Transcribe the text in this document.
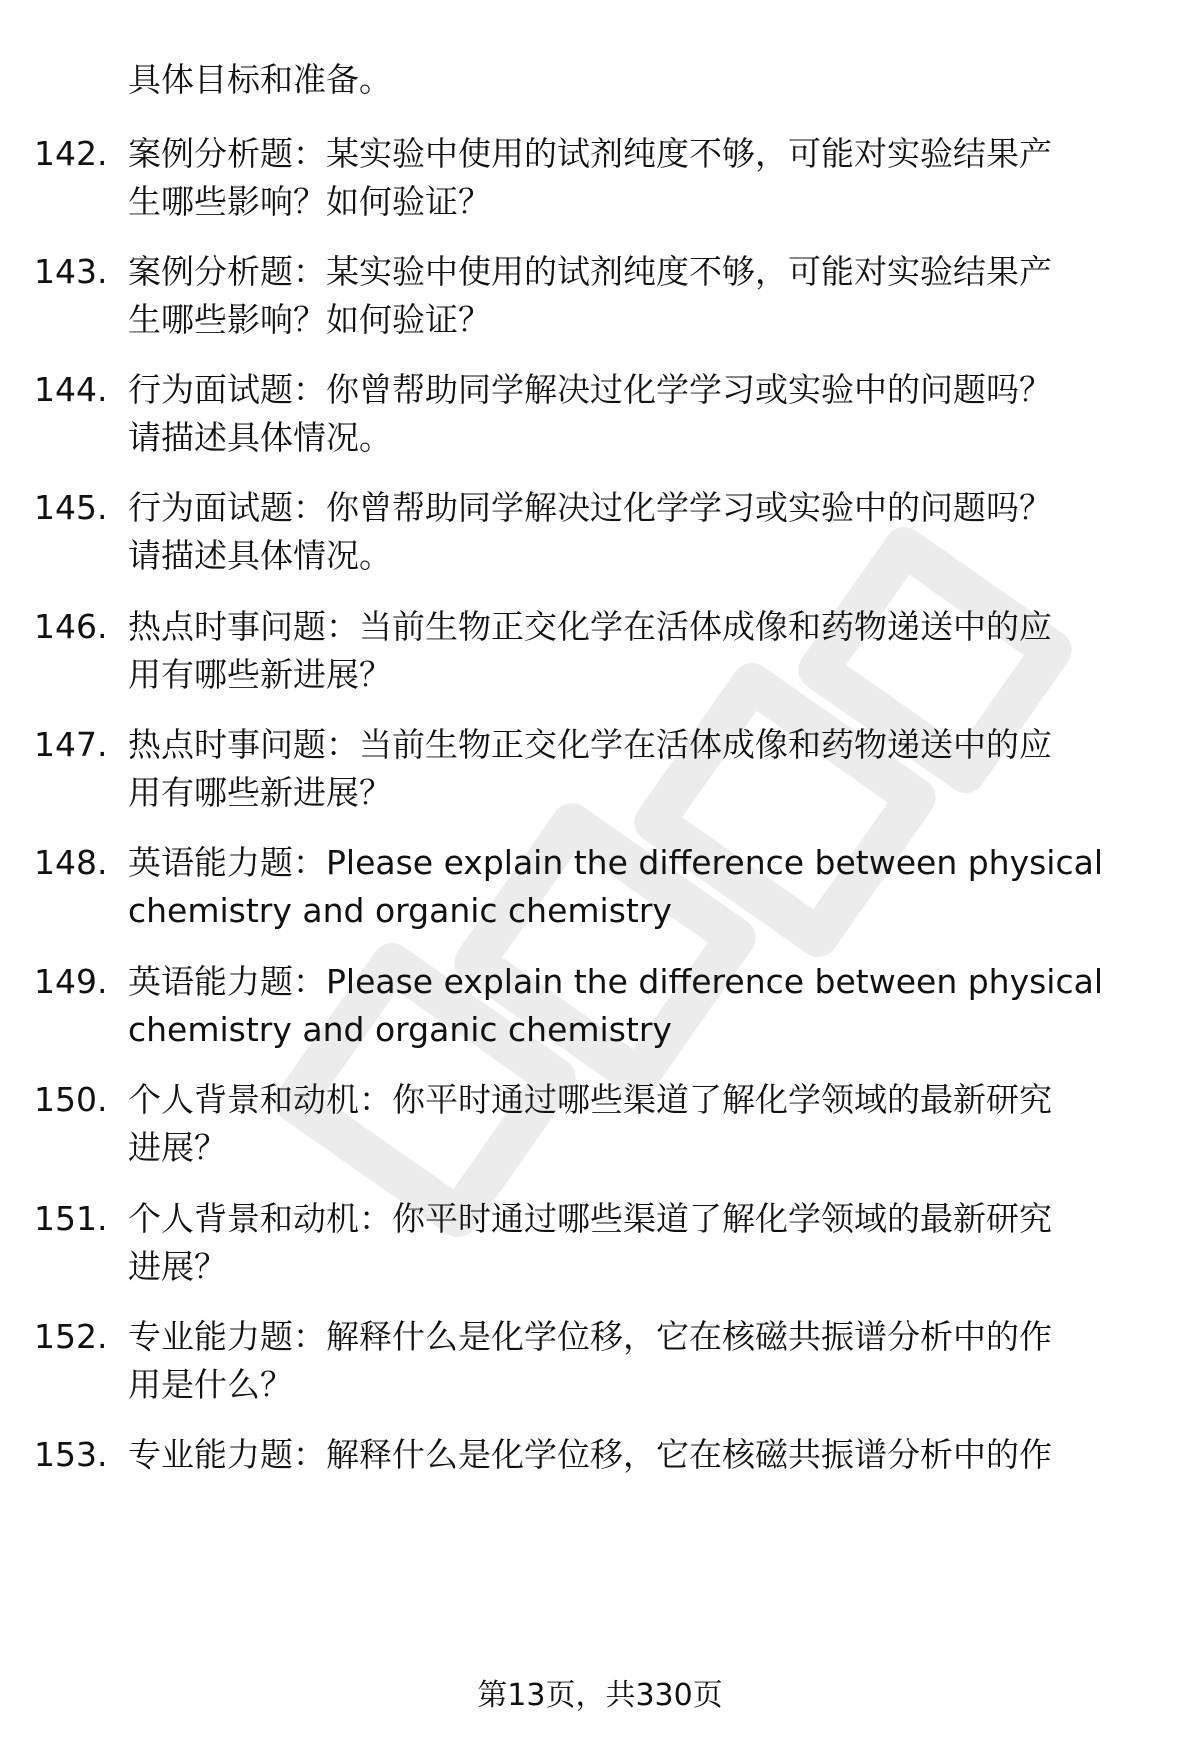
具体目标和准备。
142. 案例分析题：某实验中使用的试剂纯度不够，可能对实验结果产
生哪些影响？如何验证？
143. 案例分析题：某实验中使用的试剂纯度不够，可能对实验结果产
生哪些影响？如何验证？
144. 行为面试题：你曾帮助同学解决过化学学习或实验中的问题吗？
请描述具体情况。
145. 行为面试题：你曾帮助同学解决过化学学习或实验中的问题吗？
请描述具体情况。
146. 热点时事问题：当前生物正交化学在活体成像和药物递送中的应
用有哪些新进展？
147. 热点时事问题：当前生物正交化学在活体成像和药物递送中的应
用有哪些新进展？
148. 英语能力题：Please explain the difference between physical
chemistry and organic chemistry
149. 英语能力题：Please explain the difference between physical
chemistry and organic chemistry
150. 个人背景和动机：你平时通过哪些渠道了解化学领域的最新研究
进展？
151. 个人背景和动机：你平时通过哪些渠道了解化学领域的最新研究
进展？
152. 专业能力题：解释什么是化学位移，它在核磁共振谱分析中的作
用是什么？
153. 专业能力题：解释什么是化学位移，它在核磁共振谱分析中的作
第13页，共330页
